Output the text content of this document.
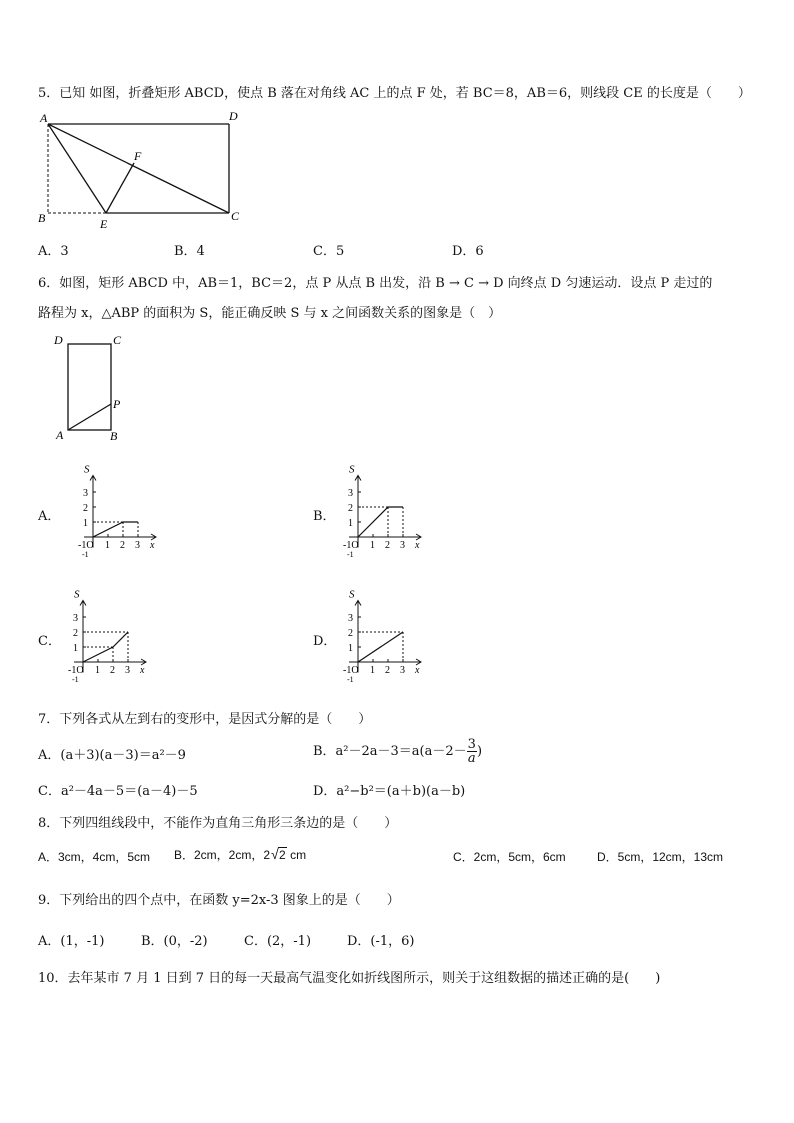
5．已知 如图，折叠矩形 ABCD，使点 B 落在对角线 AC 上的点 F 处，若 BC＝8，AB＝6，则线段 CE 的长度是（　　）
A	D
F
B	E
C
A．3	B．4	C．5	D．6
6．如图，矩形 ABCD 中，AB＝1，BC＝2，点 P 从点 B 出发，沿 B → C → D 向终点 D 匀速运动．设点 P 走过的
路程为 x，△ABP 的面积为 S，能正确反映 S 与 x 之间函数关系的图象是（　）
D	C
P
A	B
A．	B．
C．	D．
1 2 3
3
2
1
-1O
-1
S
x	1 2 3
3
2
1
-1O
-1
S
x
1 2 3
3
2
1
-1O
-1
S
x	1 2 3
3
2
1
-1O
-1
S
x
7．下列各式从左到右的变形中，是因式分解的是（　　）
A．(a＋3)(a－3)＝a²－9	B．$a^2-2a-3=a(a-2- \frac{3}{a}$ )
C．a²－4a－5＝(a－4)－5	D．a²−b²＝(a＋b)(a－b)
8．下列四组线段中，不能作为直角三角形三条边的是（　　）
A．3cm，4cm，5cm B．2cm，2cm，2 √ 2 cm	C．2cm，5cm，6cm	D．5cm，12cm，13cm
9．下列给出的四个点中，在函数 y=2x-3 图象上的是（　　）
A．(1，-1)	B．(0，-2)	C．(2，-1)	D．(-1，6)
10．去年某市 7 月 1 日到 7 日的每一天最高气温变化如折线图所示，则关于这组数据的描述正确的是(　　)
